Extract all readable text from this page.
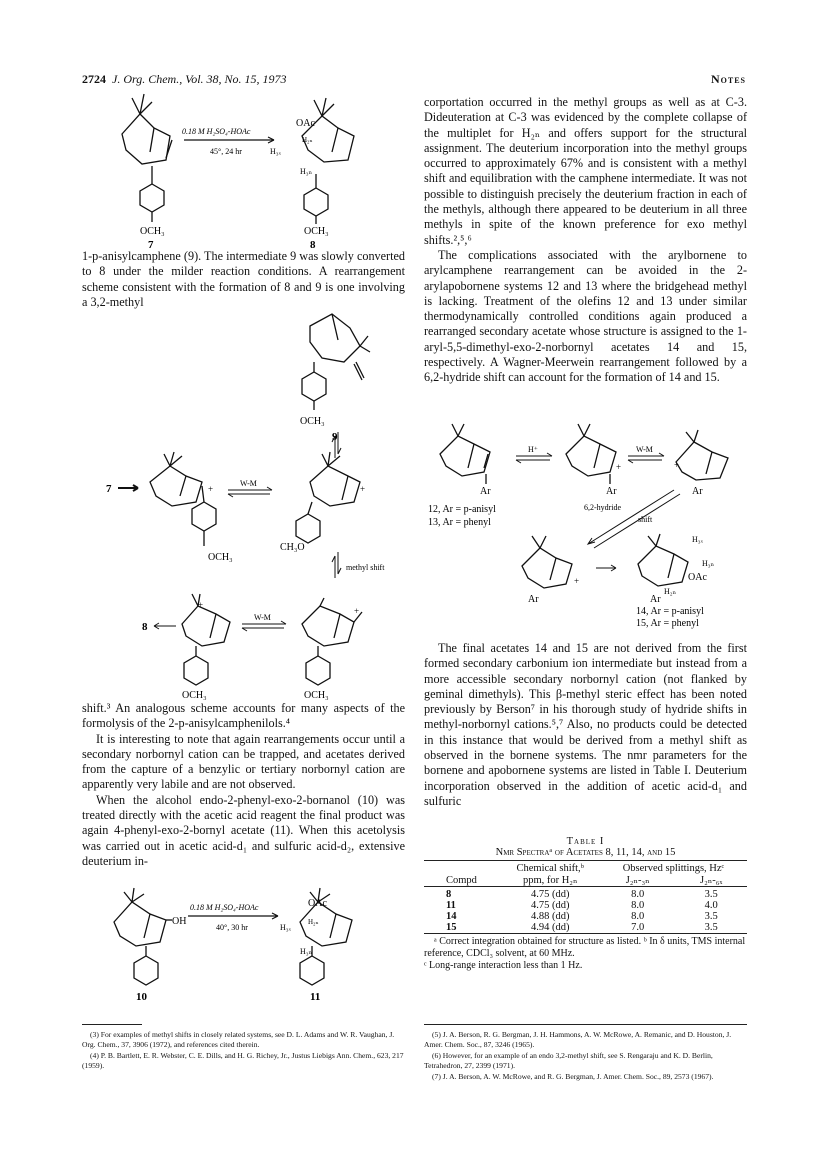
2724 J. Org. Chem., Vol. 38, No. 15, 1973	Notes
OCH₃
7
0.18 M H₂SO₄-HOAc
45°, 24 hr
OAc
H₃ₓ
H₂ₙ
H₃ₙ
OCH₃
8

1-p-anisylcamphene (9). The intermediate 9 was slowly converted to 8 under the milder reaction conditions. A rearrangement scheme consistent with the formation of 8 and 9 is one involving a 3,2-methyl

OCH₃
9
7	+
OCH₃
W-M
+
CH₃O
methyl shift
8
+
OCH₃
W-M
+
OCH₃

shift.³ An analogous scheme accounts for many aspects of the formolysis of the 2-p-anisylcamphenilols.⁴

It is interesting to note that again rearrangements occur until a secondary norbornyl cation can be trapped, and acetates derived from the capture of a benzylic or tertiary norbornyl cation are apparently very labile and are not observed.

When the alcohol endo-2-phenyl-exo-2-bornanol (10) was treated directly with the acetic acid reagent the final product was again 4-phenyl-exo-2-bornyl acetate (11). When this acetolysis was carried out in acetic acid-d₁ and sulfuric acid-d₂, extensive deuterium in-

OH
10
0.18 M H₂SO₄-HOAc
40°, 30 hr
OAc
H₂ₙ
H₃ₓ
H₃ₙ
11

(3) For examples of methyl shifts in closely related systems, see D. L. Adams and W. R. Vaughan, J. Org. Chem., 37, 3906 (1972), and references cited therein.

(4) P. B. Bartlett, E. R. Webster, C. E. Dills, and H. G. Richey, Jr., Justus Liebigs Ann. Chem., 623, 217 (1959).

corportation occurred in the methyl groups as well as at C-3. Dideuteration at C-3 was evidenced by the complete collapse of the multiplet for H₂ₙ and offers support for the structural assignment. The deuterium incorporation into the methyl groups occurred to approximately 67% and is consistent with a methyl shift and equilibration with the camphene intermediate. It was not possible to distinguish precisely the deuterium fraction in each of the methyls, although there appeared to be deuterium in all three methyls in spite of the known preference for exo methyl shifts.²,⁵,⁶

The complications associated with the arylbornene to arylcamphene rearrangement can be avoided in the 2-arylapobornene systems 12 and 13 where the bridgehead methyl is lacking. Treatment of the olefins 12 and 13 under similar thermodynamically controlled conditions again produced a rearranged secondary acetate whose structure is assigned to the 1-aryl-5,5-dimethyl-exo-2-norbornyl acetates 14 and 15, respectively. A Wagner-Meerwein rearrangement followed by a 6,2-hydride shift can account for the formation of 14 and 15.

Ar
12, Ar = p-anisyl
13, Ar = phenyl
H⁺
+
Ar
W-M
+
Ar
6,2-hydride
shift
+
Ar
H₃ₓ
H₃ₙ
OAc
Ar
H₂ₙ
14, Ar = p-anisyl
15, Ar = phenyl

The final acetates 14 and 15 are not derived from the first formed secondary carbonium ion intermediate but instead from a more accessible secondary norbornyl cation (not flanked by geminal dimethyls). This β-methyl steric effect has been noted previously by Berson⁷ in his thorough study of hydride shifts in methyl-norbornyl cations.⁵,⁷ Also, no products could be detected in this instance that would be derived from a methyl shift as observed in the bornene systems. The nmr parameters for the bornene and apobornene systems are listed in Table I. Deuterium incorporation observed in the addition of acetic acid-d₁ and sulfuric

Table I
Nmr Spectraᵃ of Acetates 8, 11, 14, and 15

	Chemical shift,ᵇ	Observed splittings, Hzᶜ	
Compd	ppm, for H₂ₙ	J₂ₙ-₃ₙ	J₂ₙ-₆ₓ

8	4.75 (dd)	8.0	3.5
11	4.75 (dd)	8.0	4.0
14	4.88 (dd)	8.0	3.5
15	4.94 (dd)	7.0	3.5

ᵃ Correct integration obtained for structure as listed. ᵇ In δ units, TMS internal reference, CDCl₃ solvent, at 60 MHz.
ᶜ Long-range interaction less than 1 Hz.

(5) J. A. Berson, R. G. Bergman, J. H. Hammons, A. W. McRowe, A. Remanic, and D. Houston, J. Amer. Chem. Soc., 87, 3246 (1965).

(6) However, for an example of an endo 3,2-methyl shift, see S. Rengaraju and K. D. Berlin, Tetrahedron, 27, 2399 (1971).

(7) J. A. Berson, A. W. McRowe, and R. G. Bergman, J. Amer. Chem. Soc., 89, 2573 (1967).
